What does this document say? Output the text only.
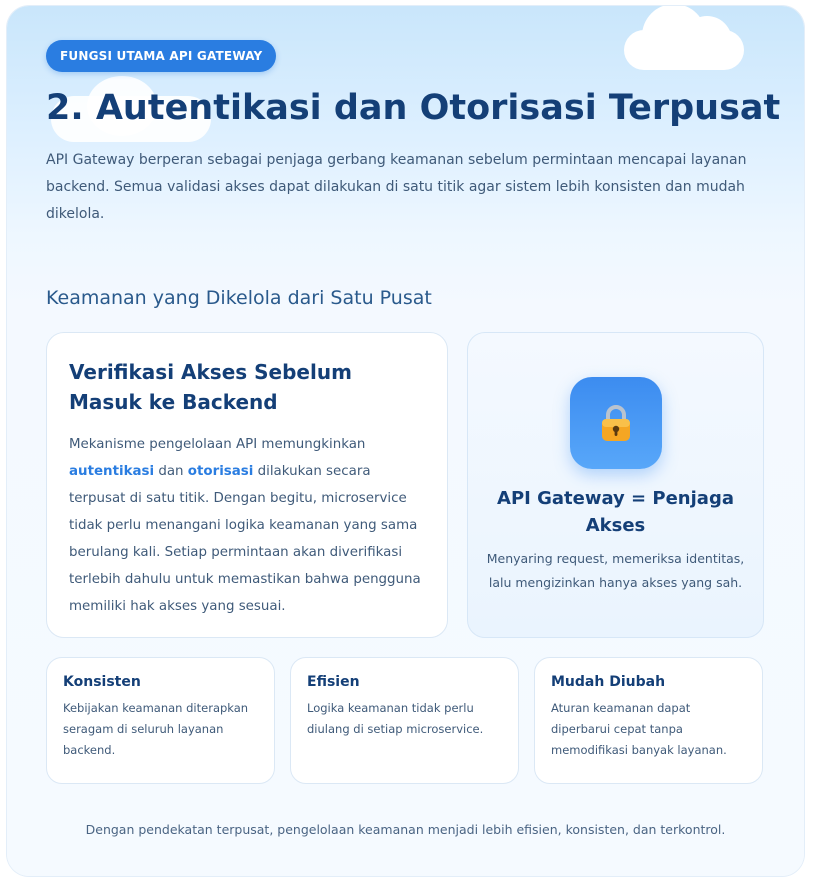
FUNGSI UTAMA API GATEWAY
2. Autentikasi dan Otorisasi Terpusat

API Gateway berperan sebagai penjaga gerbang keamanan sebelum permintaan mencapai layanan backend. Semua validasi akses dapat dilakukan di satu titik agar sistem lebih konsisten dan mudah dikelola.

Keamanan yang Dikelola dari Satu Pusat
Verifikasi Akses Sebelum Masuk ke Backend

Mekanisme pengelolaan API memungkinkan autentikasi dan otorisasi dilakukan secara terpusat di satu titik. Dengan begitu, microservice tidak perlu menangani logika keamanan yang sama berulang kali. Setiap permintaan akan diverifikasi terlebih dahulu untuk memastikan bahwa pengguna memiliki hak akses yang sesuai.

API Gateway = Penjaga Akses

Menyaring request, memeriksa identitas, lalu mengizinkan hanya akses yang sah.

Konsisten

Kebijakan keamanan diterapkan seragam di seluruh layanan backend.

Efisien

Logika keamanan tidak perlu diulang di setiap microservice.

Mudah Diubah

Aturan keamanan dapat diperbarui cepat tanpa memodifikasi banyak layanan.

Dengan pendekatan terpusat, pengelolaan keamanan menjadi lebih efisien, konsisten, dan terkontrol.
